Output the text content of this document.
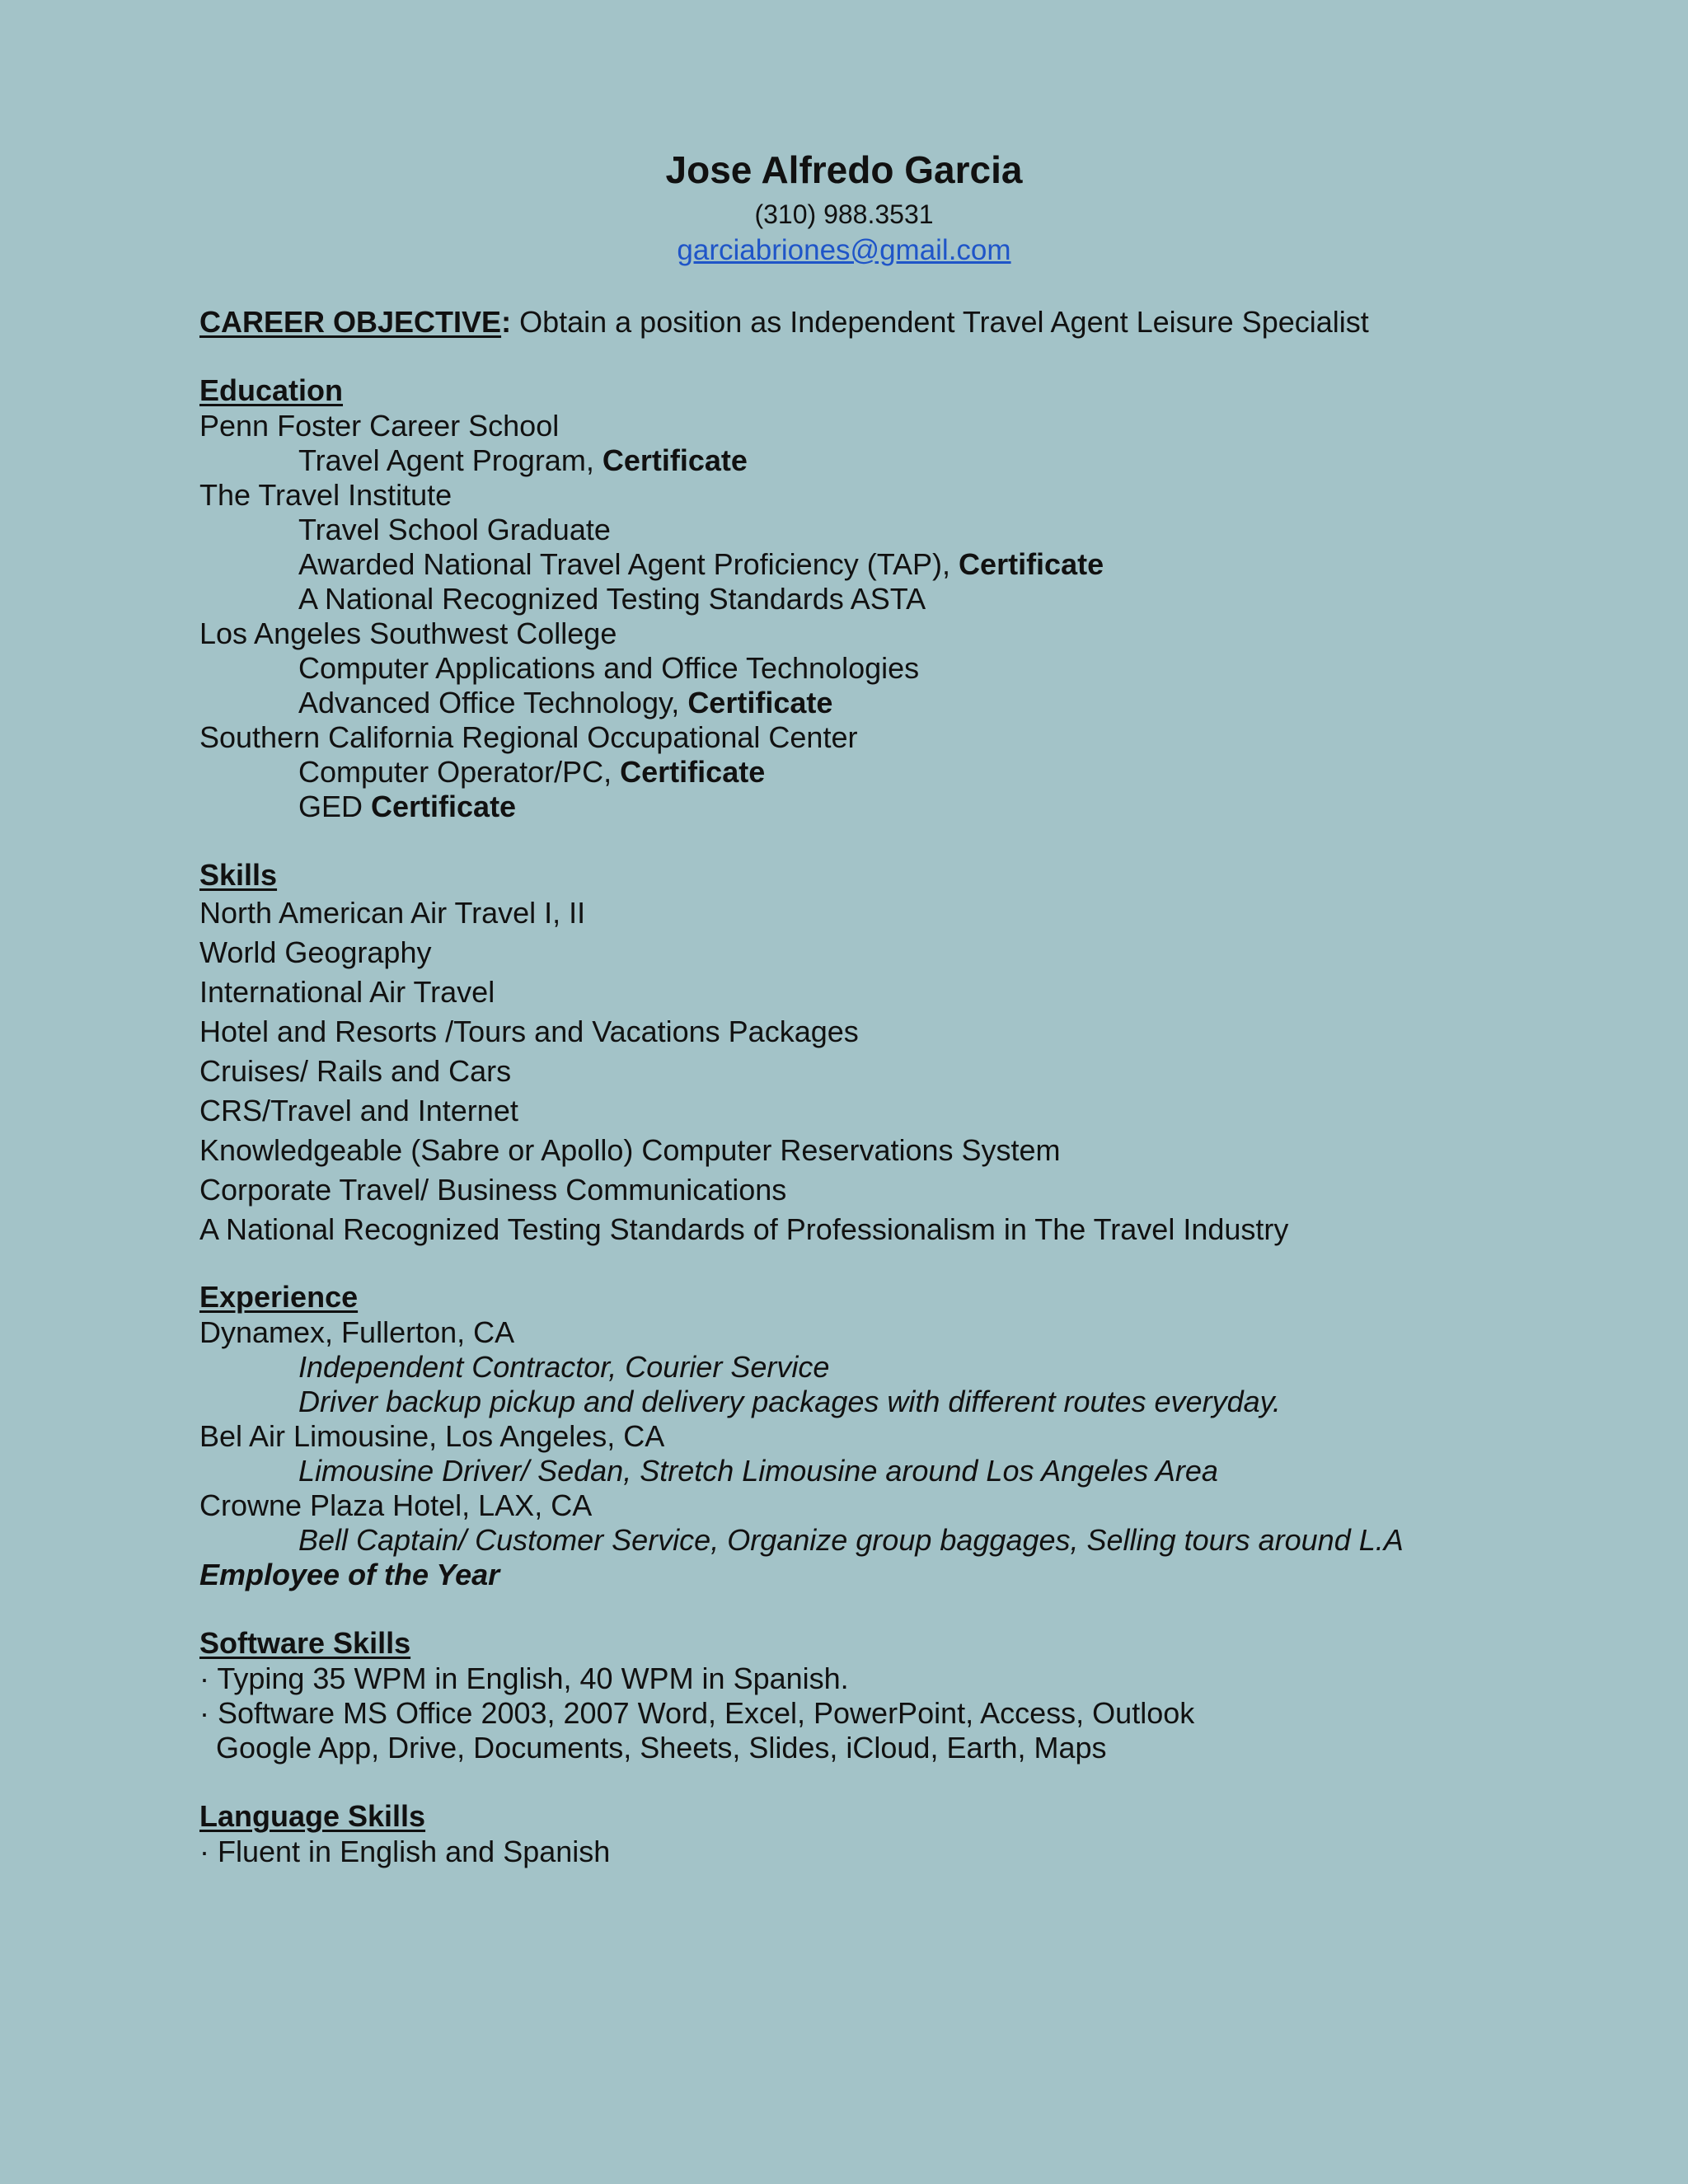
Jose Alfredo Garcia
(310) 988.3531
garciabriones@gmail.com
CAREER OBJECTIVE: Obtain a position as Independent Travel Agent Leisure Specialist
Education
Penn Foster Career School
Travel Agent Program, Certificate
The Travel Institute
Travel School Graduate
Awarded National Travel Agent Proficiency (TAP), Certificate
A National Recognized Testing Standards ASTA
Los Angeles Southwest College
Computer Applications and Office Technologies
Advanced Office Technology, Certificate
Southern California Regional Occupational Center
Computer Operator/PC, Certificate
GED Certificate
Skills
North American Air Travel I, II
World Geography
International Air Travel
Hotel and Resorts /Tours and Vacations Packages
Cruises/ Rails and Cars
CRS/Travel and Internet
Knowledgeable (Sabre or Apollo) Computer Reservations System
Corporate Travel/ Business Communications
A National Recognized Testing Standards of Professionalism in The Travel Industry
Experience
Dynamex, Fullerton, CA
Independent Contractor, Courier Service
Driver backup pickup and delivery packages with different routes everyday.
Bel Air Limousine, Los Angeles, CA
Limousine Driver/ Sedan, Stretch Limousine around Los Angeles Area
Crowne Plaza Hotel, LAX, CA
Bell Captain/ Customer Service, Organize group baggages, Selling tours around L.A
Employee of the Year
Software Skills
· Typing 35 WPM in English, 40 WPM in Spanish.
· Software MS Office 2003, 2007 Word, Excel, PowerPoint, Access, Outlook
Google App, Drive, Documents, Sheets, Slides, iCloud, Earth, Maps
Language Skills
· Fluent in English and Spanish
